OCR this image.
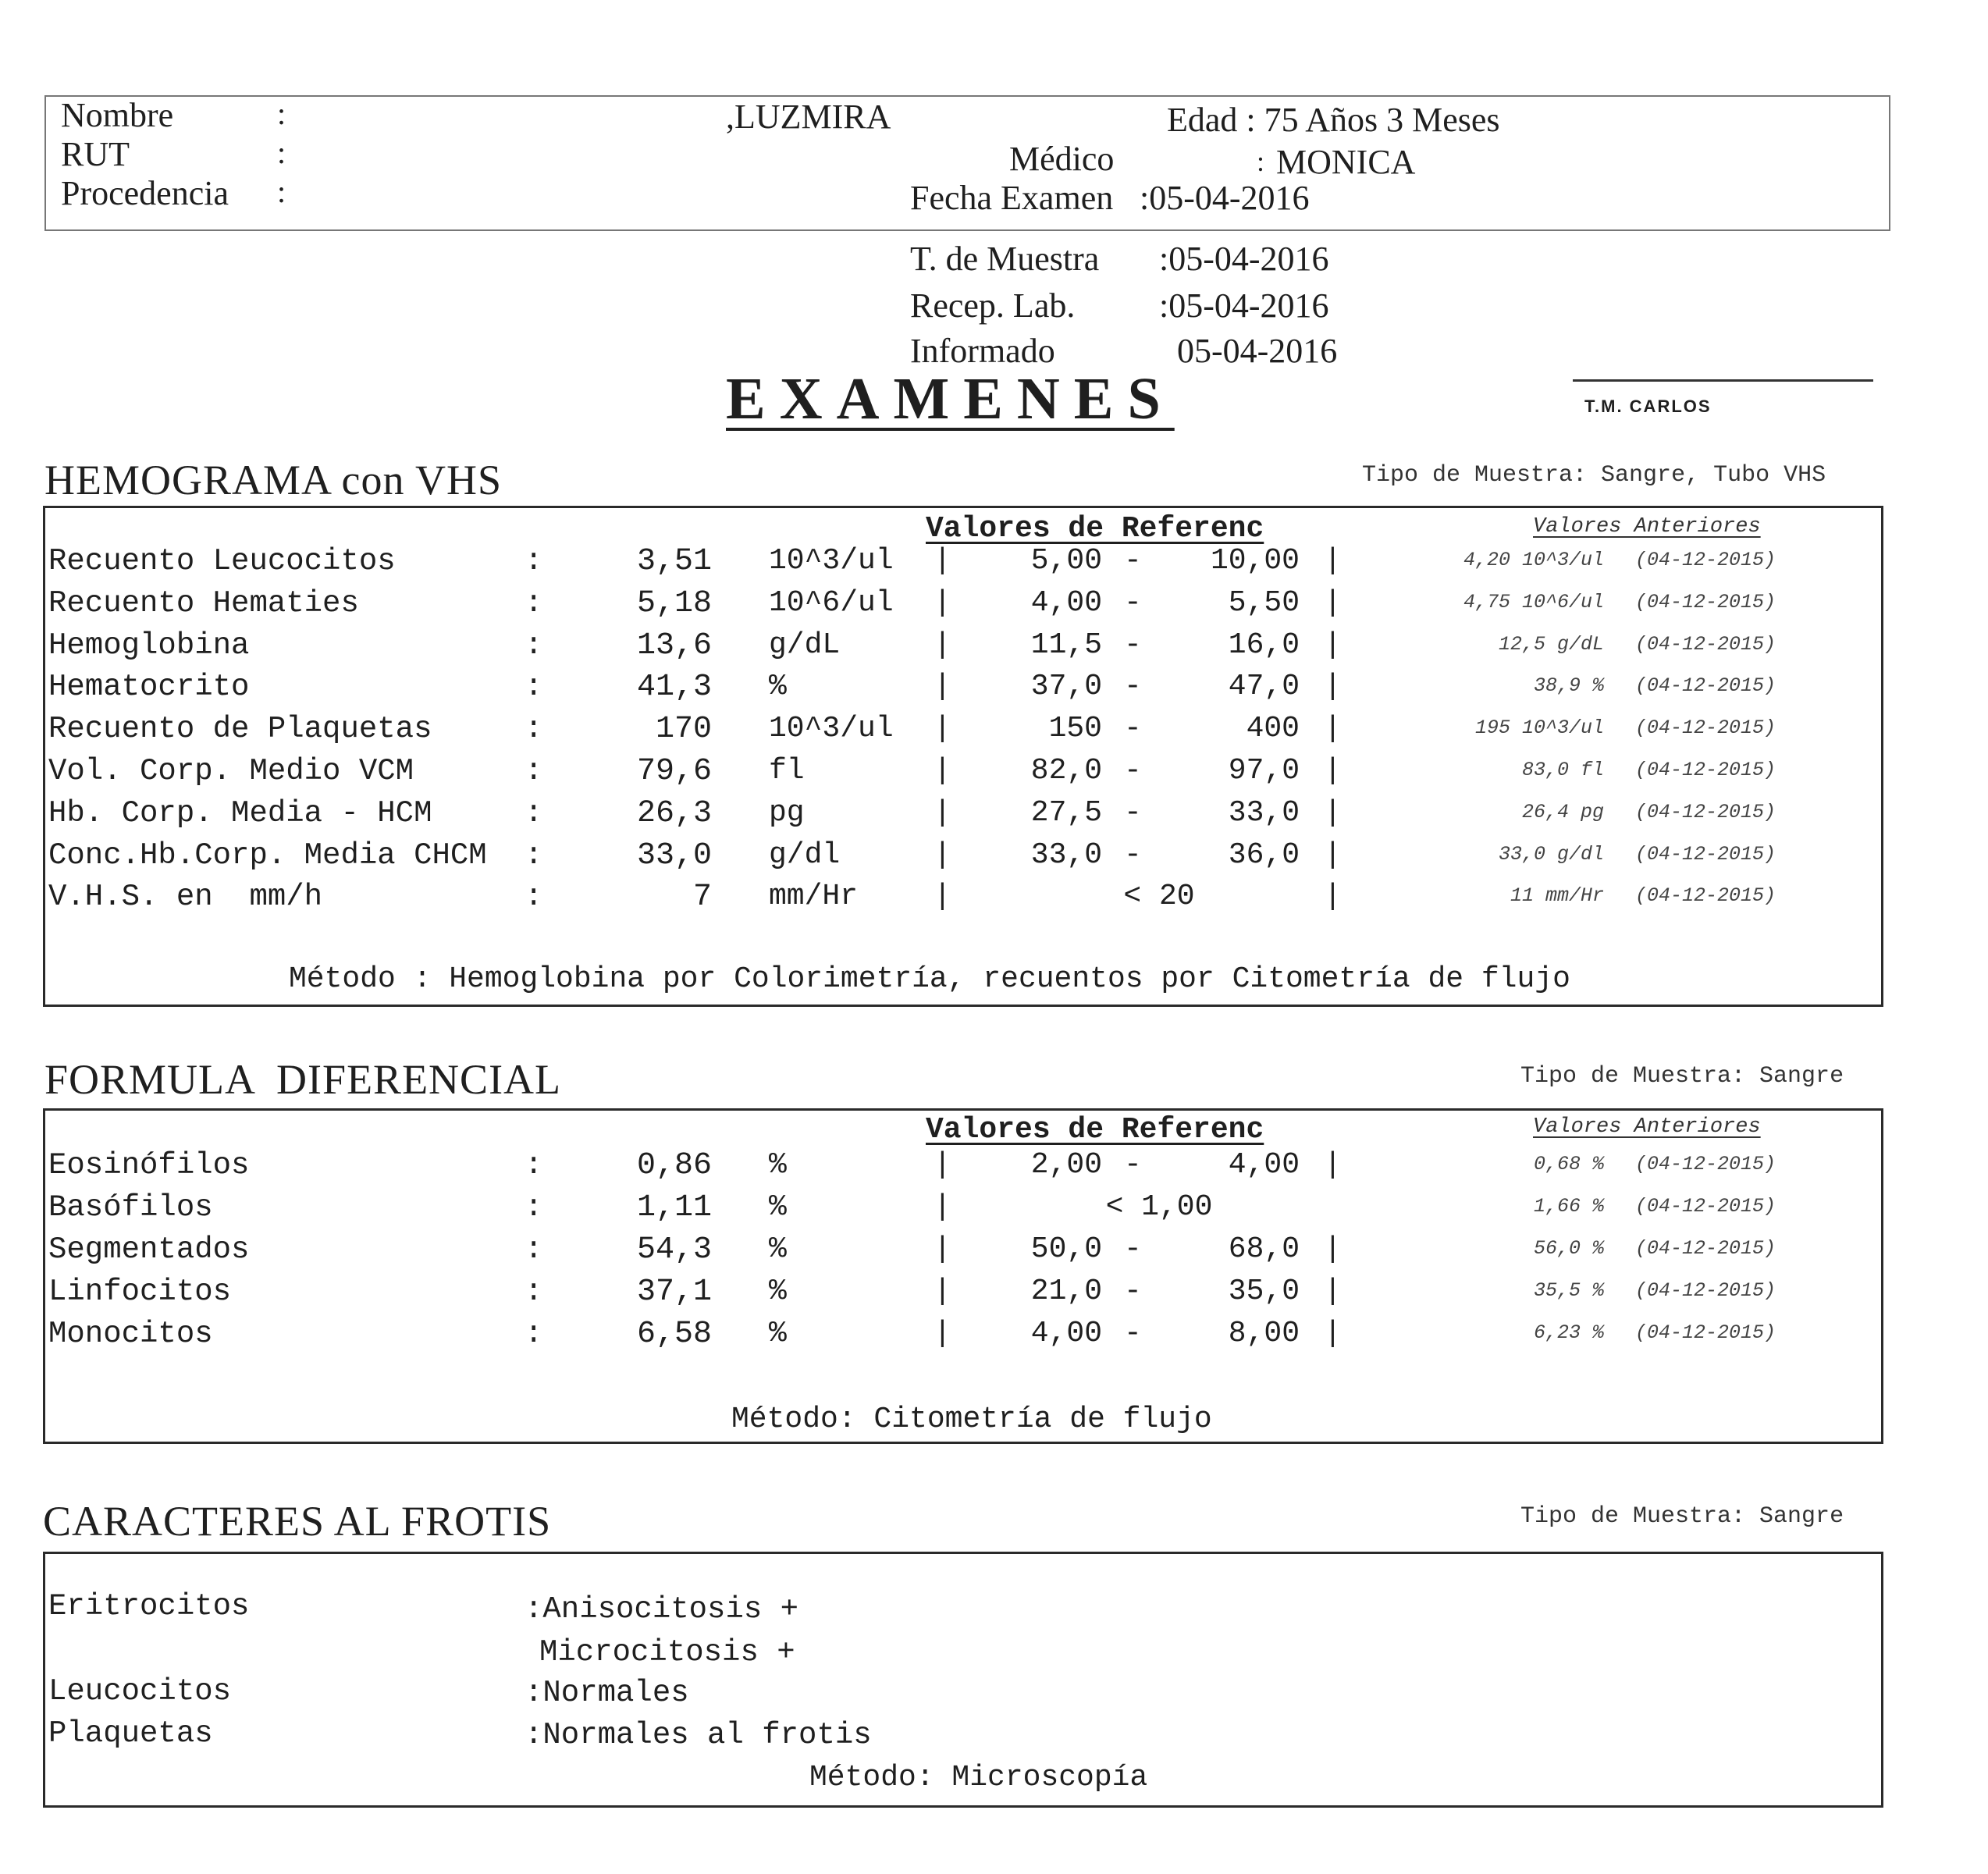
Nombre	:
RUT	:
Procedencia :
,LUZMIRA	Edad : 75 Años 3 Meses
Médico	: MONICA
Fecha Examen :05-04-2016
T. de Muestra :05-04-2016
Recep. Lab. :05-04-2016
Informado	05-04-2016
EXAMENES	T.M. CARLOS
HEMOGRAMA con VHS	Tipo de Muestra: Sangre, Tubo VHS
Valores de Referenc	Valores Anteriores
Recuento Leucocitos	:	3,51 10^3/ul |	5,00 -	10,00 |	4,20 10^3/ul (04-12-2015)
Recuento Hematies	:	5,18 10^6/ul |	4,00 -	5,50 |	4,75 10^6/ul (04-12-2015)
Hemoglobina	:	13,6 g/dL	|	11,5 -	16,0 |	12,5 g/dL (04-12-2015)
Hematocrito	:	41,3 %	|	37,0 -	47,0 |	38,9 % (04-12-2015)
Recuento de Plaquetas	:	170 10^3/ul |	150 -	400 |	195 10^3/ul (04-12-2015)
Vol. Corp. Medio VCM	:	79,6 fl	|	82,0 -	97,0 |	83,0 fl (04-12-2015)
Hb. Corp. Media - HCM	:	26,3 pg	|	27,5 -	33,0 |	26,4 pg (04-12-2015)
Conc.Hb.Corp. Media CHCM :	33,0 g/dl	|	33,0 -	36,0 |	33,0 g/dl (04-12-2015)
V.H.S. en  mm/h	:	7 mm/Hr	|	< 20	|	11 mm/Hr (04-12-2015)
Método : Hemoglobina por Colorimetría, recuentos por Citometría de flujo
FORMULA  DIFERENCIAL	Tipo de Muestra: Sangre
Valores de Referenc	Valores Anteriores
Eosinófilos	:	0,86 %	|	2,00 -	4,00 |	0,68 % (04-12-2015)
Basófilos	:	1,11 %	|	< 1,00	1,66 % (04-12-2015)
Segmentados	:	54,3 %	|	50,0 -	68,0 |	56,0 % (04-12-2015)
Linfocitos	:	37,1 %	|	21,0 -	35,0 |	35,5 % (04-12-2015)
Monocitos	:	6,58 %	|	4,00 -	8,00 |	6,23 % (04-12-2015)
Método: Citometría de flujo
CARACTERES AL FROTIS	Tipo de Muestra: Sangre
Eritrocitos	:Anisocitosis +
Microcitosis +
Leucocitos	:Normales
Plaquetas	:Normales al frotis
Método: Microscopía
